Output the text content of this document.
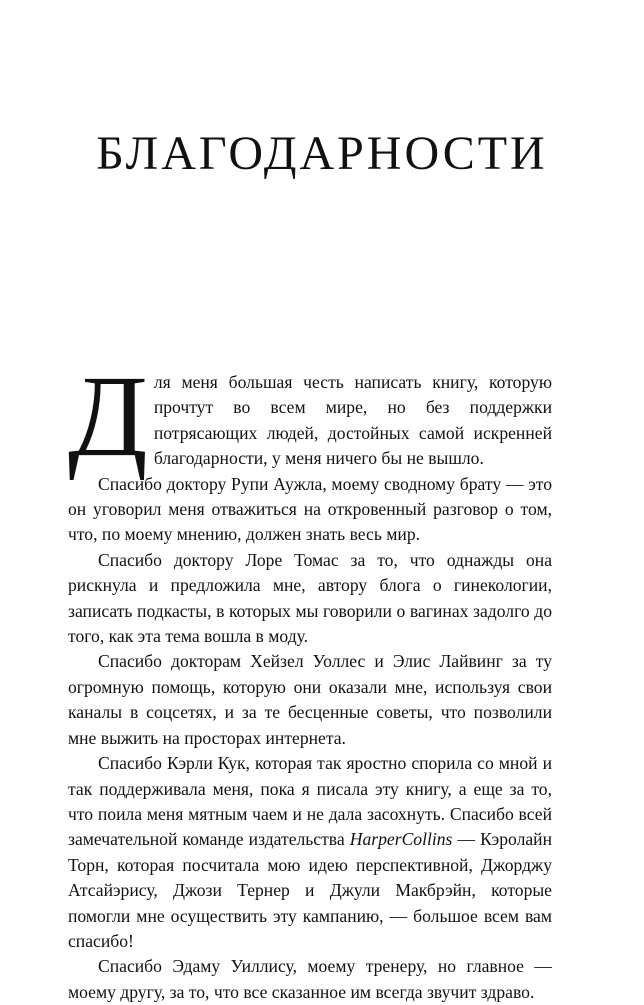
БЛАГОДАРНОСТИ

Для меня большая честь написать книгу, которую прочтут во всем мире, но без поддержки потрясающих людей, достойных самой искренней благодарности, у меня ничего бы не вышло.

Спасибо доктору Рупи Аужла, моему сводному брату — это он уговорил меня отважиться на откровенный разговор о том, что, по моему мнению, должен знать весь мир.

Спасибо доктору Лоре Томас за то, что однажды она рискнула и предложила мне, автору блога о гинекологии, записать подкасты, в которых мы говорили о вагинах задолго до того, как эта тема вошла в моду.

Спасибо докторам Хейзел Уоллес и Элис Лайвинг за ту огромную помощь, которую они оказали мне, используя свои каналы в соцсетях, и за те бесценные советы, что позволили мне выжить на просторах интернета.

Спасибо Кэрли Кук, которая так яростно спорила со мной и так поддерживала меня, пока я писала эту книгу, а еще за то, что поила меня мятным чаем и не дала засохнуть. Спасибо всей замечательной команде издательства HarperCollins — Кэролайн Торн, которая посчитала мою идею перспективной, Джорджу Атсайэрису, Джози Тернер и Джули Макбрэйн, которые помогли мне осуществить эту кампанию, — большое всем вам спасибо!

Спасибо Эдаму Уиллису, моему тренеру, но главное — моему другу, за то, что все сказанное им всегда звучит здраво.
